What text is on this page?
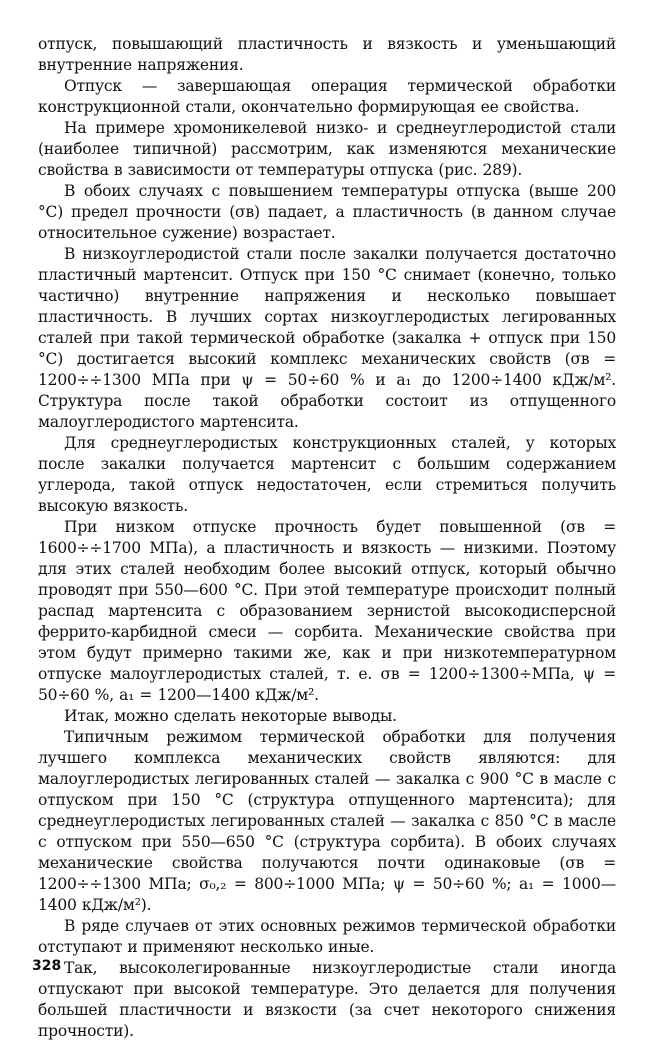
отпуск, повышающий пластичность и вязкость и уменьшающий внутренние напряжения.

Отпуск — завершающая операция термической обработки конструкционной стали, окончательно формирующая ее свойства.

На примере хромоникелевой низко- и среднеуглеродистой стали (наиболее типичной) рассмотрим, как изменяются механические свойства в зависимости от температуры отпуска (рис. 289).

В обоих случаях с повышением температуры отпуска (выше 200 °С) предел прочности (σв) падает, а пластичность (в данном случае относительное сужение) возрастает.

В низкоуглеродистой стали после закалки получается достаточно пластичный мартенсит. Отпуск при 150 °С снимает (конечно, только частично) внутренние напряжения и несколько повышает пластичность. В лучших сортах низкоуглеродистых легированных сталей при такой термической обработке (закалка + отпуск при 150 °С) достигается высокий комплекс механических свойств (σв = 1200÷÷1300 МПа при ψ = 50÷60 % и a₁ до 1200÷1400 кДж/м². Структура после такой обработки состоит из отпущенного малоуглеродистого мартенсита.

Для среднеуглеродистых конструкционных сталей, у которых после закалки получается мартенсит с большим содержанием углерода, такой отпуск недостаточен, если стремиться получить высокую вязкость.

При низком отпуске прочность будет повышенной (σв = 1600÷÷1700 МПа), а пластичность и вязкость — низкими. Поэтому для этих сталей необходим более высокий отпуск, который обычно проводят при 550—600 °С. При этой температуре происходит полный распад мартенсита с образованием зернистой высокодисперсной феррито-карбидной смеси — сорбита. Механические свойства при этом будут примерно такими же, как и при низкотемпературном отпуске малоуглеродистых сталей, т. е. σв = 1200÷1300÷МПа, ψ = 50÷60 %, a₁ = 1200—1400 кДж/м².

Итак, можно сделать некоторые выводы.

Типичным режимом термической обработки для получения лучшего комплекса механических свойств являются: для малоуглеродистых легированных сталей — закалка с 900 °С в масле с отпуском при 150 °С (структура отпущенного мартенсита); для среднеуглеродистых легированных сталей — закалка с 850 °С в масле с отпуском при 550—650 °С (структура сорбита). В обоих случаях механические свойства получаются почти одинаковые (σв = 1200÷÷1300 МПа; σ₀,₂ = 800÷1000 МПа; ψ = 50÷60 %; a₁ = 1000—1400 кДж/м²).

В ряде случаев от этих основных режимов термической обработки отступают и применяют несколько иные.

Так, высоколегированные низкоуглеродистые стали иногда отпускают при высокой температуре. Это делается для получения большей пластичности и вязкости (за счет некоторого снижения прочности).

328
